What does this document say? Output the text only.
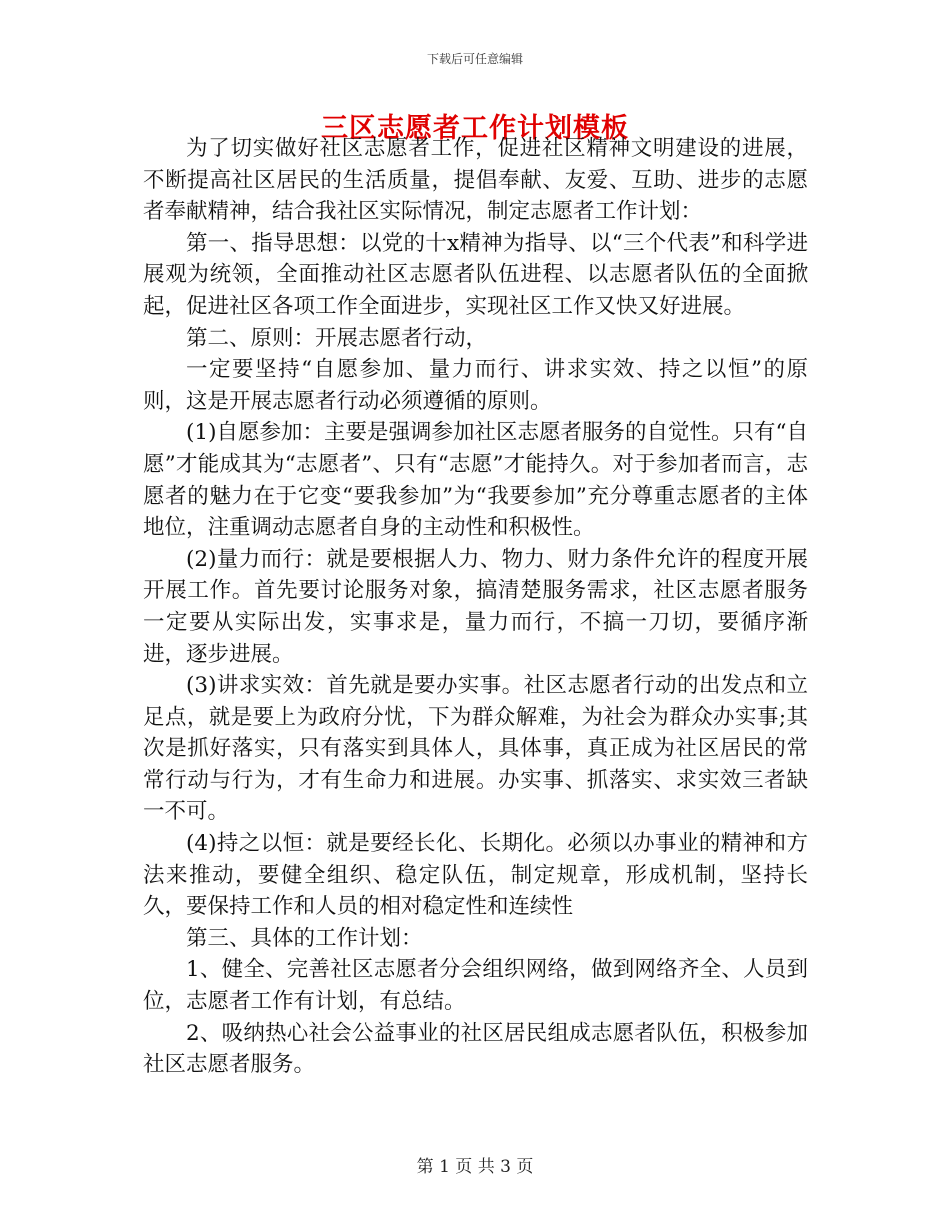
下载后可任意编辑
三区志愿者工作计划模板

为了切实做好社区志愿者工作，促进社区精神文明建设的进展，不断提高社区居民的生活质量，提倡奉献、友爱、互助、进步的志愿者奉献精神，结合我社区实际情况，制定志愿者工作计划：

第一、指导思想：以党的十x精神为指导、以“三个代表”和科学进展观为统领，全面推动社区志愿者队伍进程、以志愿者队伍的全面掀起，促进社区各项工作全面进步，实现社区工作又快又好进展。

第二、原则：开展志愿者行动，

一定要坚持“自愿参加、量力而行、讲求实效、持之以恒”的原则，这是开展志愿者行动必须遵循的原则。

(1)自愿参加：主要是强调参加社区志愿者服务的自觉性。只有“自愿”才能成其为“志愿者”、只有“志愿”才能持久。对于参加者而言，志愿者的魅力在于它变“要我参加”为“我要参加”充分尊重志愿者的主体地位，注重调动志愿者自身的主动性和积极性。

(2)量力而行：就是要根据人力、物力、财力条件允许的程度开展开展工作。首先要讨论服务对象，搞清楚服务需求，社区志愿者服务一定要从实际出发，实事求是，量力而行，不搞一刀切，要循序渐进，逐步进展。

(3)讲求实效：首先就是要办实事。社区志愿者行动的出发点和立足点，就是要上为政府分忧，下为群众解难，为社会为群众办实事;其次是抓好落实，只有落实到具体人，具体事，真正成为社区居民的常常行动与行为，才有生命力和进展。办实事、抓落实、求实效三者缺一不可。

(4)持之以恒：就是要经长化、长期化。必须以办事业的精神和方法来推动，要健全组织、稳定队伍，制定规章，形成机制，坚持长久，要保持工作和人员的相对稳定性和连续性

第三、具体的工作计划：

1、健全、完善社区志愿者分会组织网络，做到网络齐全、人员到位，志愿者工作有计划，有总结。

2、吸纳热心社会公益事业的社区居民组成志愿者队伍，积极参加社区志愿者服务。

第 1 页 共 3 页
